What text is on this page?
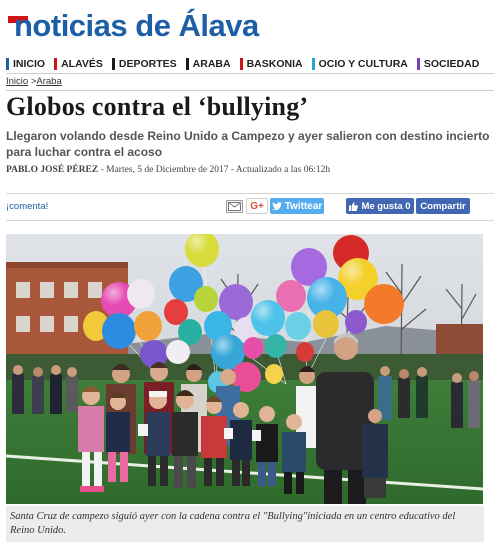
noticias de Álava
INICIO ALAVÉS DEPORTES ARABA BASKONIA OCIO Y CULTURA SOCIEDAD
Inicio >Araba
Globos contra el ‘bullying’

Llegaron volando desde Reino Unido a Campezo y ayer salieron con destino incierto para luchar contra el acoso

PABLO JOSÉ PÉREZ - Martes, 5 de Diciembre de 2017 - Actualizado a las 06:12h
¡comenta!	G+	Twittear	Me gusta 0	Compartir
Santa Cruz de campezo siguió ayer con la cadena contra el "Bullying"iniciada en un centro educativo del Reino Unido.
